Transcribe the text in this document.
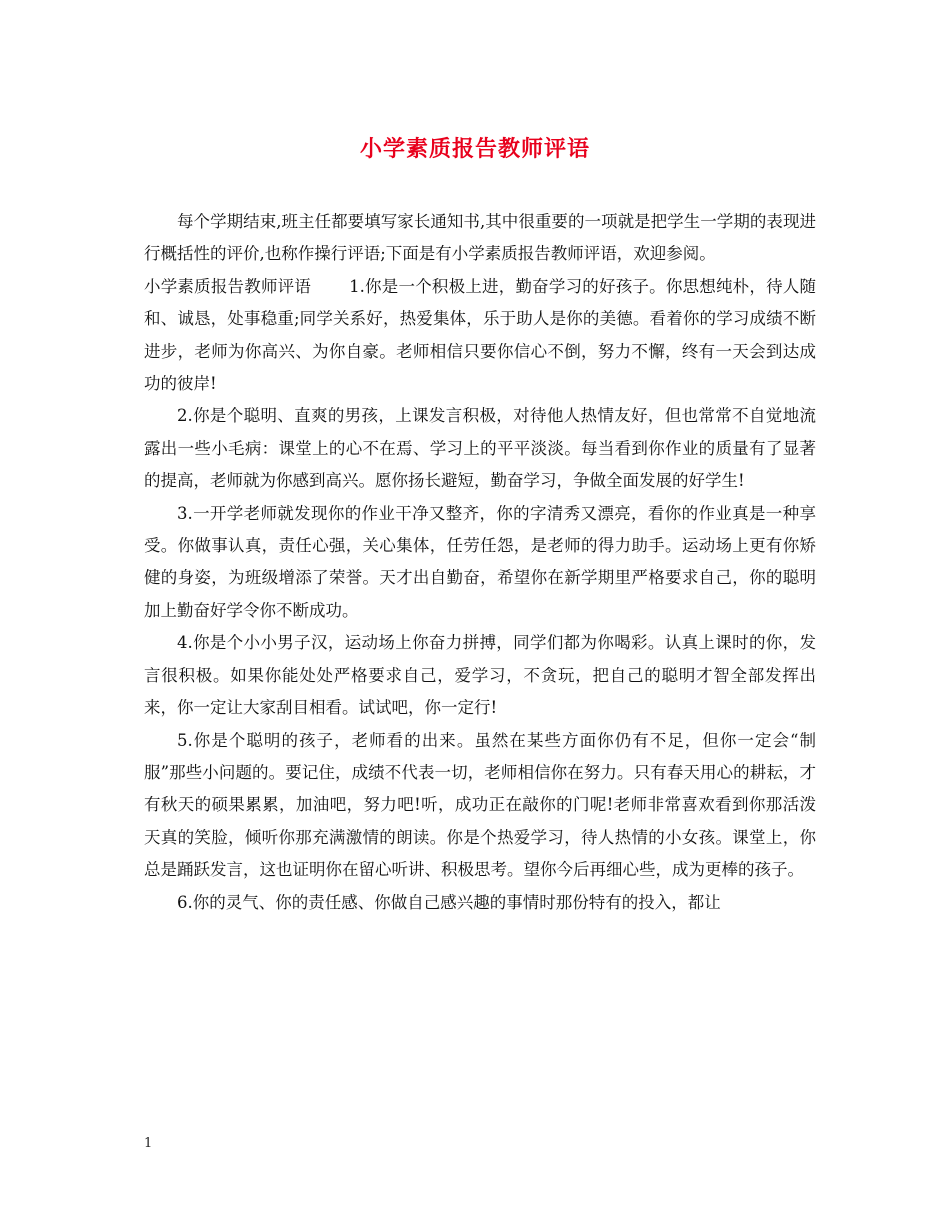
小学素质报告教师评语

每个学期结束,班主任都要填写家长通知书,其中很重要的一项就是把学生一学期的表现进行概括性的评价,也称作操行评语;下面是有小学素质报告教师评语，欢迎参阅。

小学素质报告教师评语 1.你是一个积极上进，勤奋学习的好孩子。你思想纯朴，待人随和、诚恳，处事稳重;同学关系好，热爱集体，乐于助人是你的美德。看着你的学习成绩不断进步，老师为你高兴、为你自豪。老师相信只要你信心不倒，努力不懈，终有一天会到达成功的彼岸!

2.你是个聪明、直爽的男孩，上课发言积极，对待他人热情友好，但也常常不自觉地流露出一些小毛病：课堂上的心不在焉、学习上的平平淡淡。每当看到你作业的质量有了显著的提高，老师就为你感到高兴。愿你扬长避短，勤奋学习，争做全面发展的好学生!

3.一开学老师就发现你的作业干净又整齐，你的字清秀又漂亮，看你的作业真是一种享受。你做事认真，责任心强，关心集体，任劳任怨，是老师的得力助手。运动场上更有你矫健的身姿，为班级增添了荣誉。天才出自勤奋，希望你在新学期里严格要求自己，你的聪明加上勤奋好学令你不断成功。

4.你是个小小男子汉，运动场上你奋力拼搏，同学们都为你喝彩。认真上课时的你，发言很积极。如果你能处处严格要求自己，爱学习，不贪玩，把自己的聪明才智全部发挥出来，你一定让大家刮目相看。试试吧，你一定行!

5.你是个聪明的孩子，老师看的出来。虽然在某些方面你仍有不足，但你一定会“制服”那些小问题的。要记住，成绩不代表一切，老师相信你在努力。只有春天用心的耕耘，才有秋天的硕果累累，加油吧，努力吧!听，成功正在敲你的门呢!老师非常喜欢看到你那活泼天真的笑脸，倾听你那充满激情的朗读。你是个热爱学习，待人热情的小女孩。课堂上，你总是踊跃发言，这也证明你在留心听讲、积极思考。望你今后再细心些，成为更棒的孩子。

6.你的灵气、你的责任感、你做自己感兴趣的事情时那份特有的投入，都让

1
